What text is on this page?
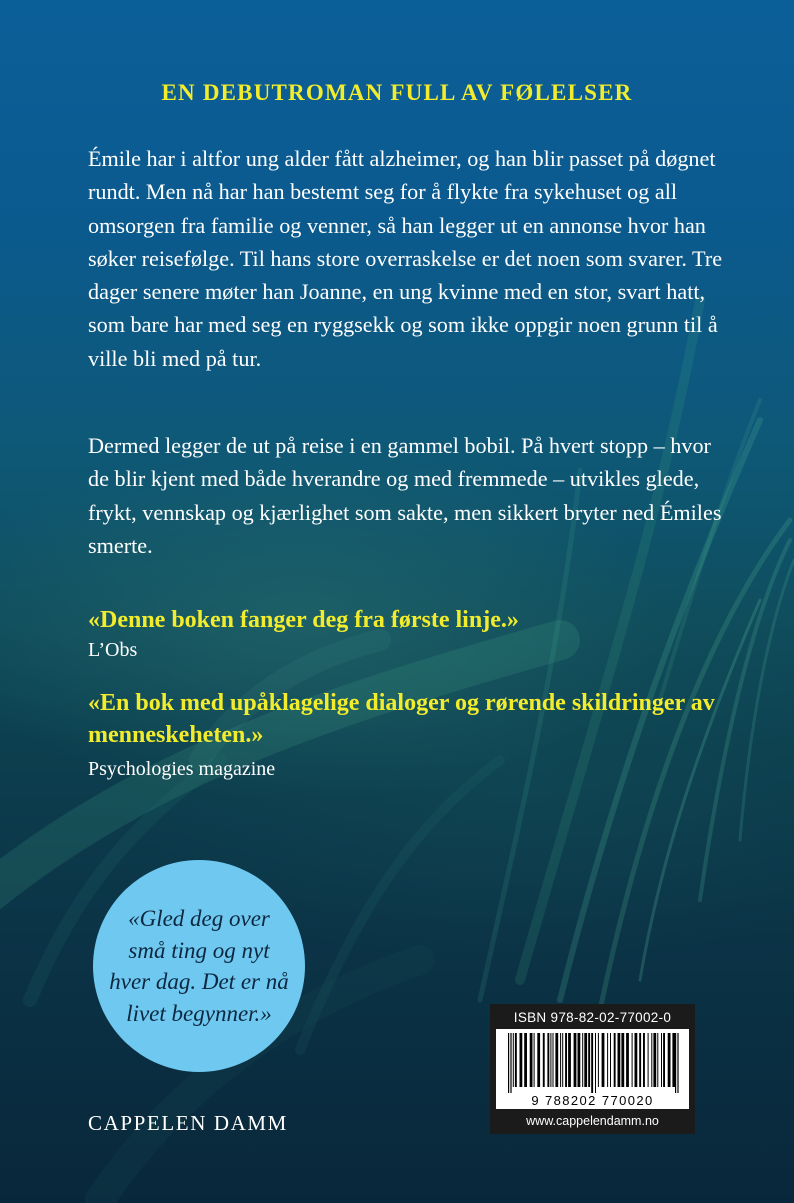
EN DEBUTROMAN FULL AV FØLELSER

Émile har i altfor ung alder fått alzheimer, og han blir passet på døgnet rundt. Men nå har han bestemt seg for å flykte fra sykehuset og all omsorgen fra familie og venner, så han legger ut en annonse hvor han søker reisefølge. Til hans store overraskelse er det noen som svarer. Tre dager senere møter han Joanne, en ung kvinne med en stor, svart hatt, som bare har med seg en ryggsekk og som ikke oppgir noen grunn til å ville bli med på tur.

Dermed legger de ut på reise i en gammel bobil. På hvert stopp – hvor de blir kjent med både hverandre og med fremmede – utvikles glede, frykt, vennskap og kjærlighet som sakte, men sikkert bryter ned Émiles smerte.

«Denne boken fanger deg fra første linje.»

L’Obs

«En bok med upåklagelige dialoger og rørende skildringer av menneskeheten.»

Psychologies magazine

«Gled deg over små ting og nyt hver dag. Det er nå livet begynner.»

CAPPELEN DAMM

ISBN 978-82-02-77002-0

9 788202 770020

www.cappelendamm.no
